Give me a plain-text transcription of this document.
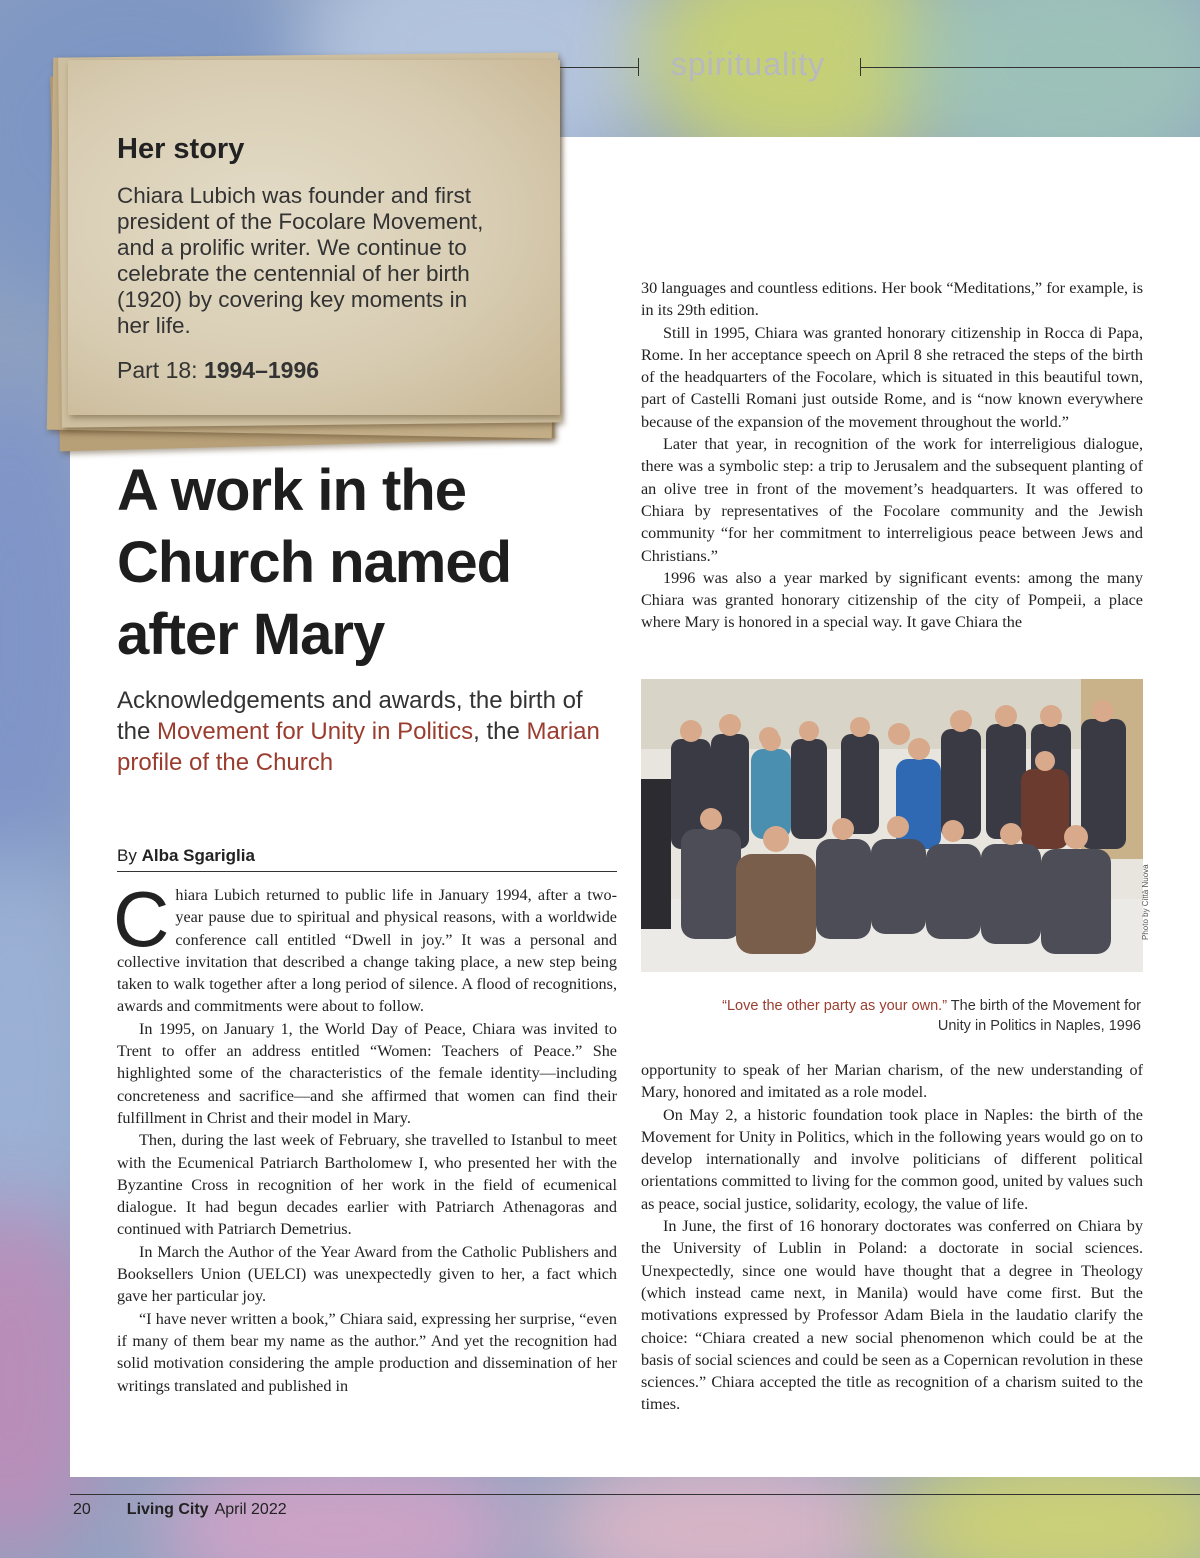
spirituality
Her story
Chiara Lubich was founder and first president of the Focolare Movement, and a prolific writer. We continue to celebrate the centennial of her birth (1920) by covering key moments in her life.
Part 18: 1994–1996
A work in the Church named after Mary
Acknowledgements and awards, the birth of the Movement for Unity in Politics, the Marian profile of the Church
By Alba Sgariglia

Chiara Lubich returned to public life in January 1994, after a two-year pause due to spiritual and physical reasons, with a worldwide conference call entitled “Dwell in joy.” It was a personal and collective invitation that described a change taking place, a new step being taken to walk together after a long period of silence. A flood of recognitions, awards and commitments were about to follow.

In 1995, on January 1, the World Day of Peace, Chiara was invited to Trent to offer an address entitled “Women: Teachers of Peace.” She highlighted some of the characteristics of the female identity—including concreteness and sacrifice—and she affirmed that women can find their fulfillment in Christ and their model in Mary.

Then, during the last week of February, she travelled to Istanbul to meet with the Ecumenical Patriarch Bartholomew I, who presented her with the Byzantine Cross in recognition of her work in the field of ecumenical dialogue. It had begun decades earlier with Patriarch Athenagoras and continued with Patriarch Demetrius.

In March the Author of the Year Award from the Catholic Publishers and Booksellers Union (UELCI) was unexpectedly given to her, a fact which gave her particular joy.

“I have never written a book,” Chiara said, expressing her surprise, “even if many of them bear my name as the author.” And yet the recognition had solid motivation considering the ample production and dissemination of her writings translated and published in

30 languages and countless editions. Her book “Meditations,” for example, is in its 29th edition.

Still in 1995, Chiara was granted honorary citizenship in Rocca di Papa, Rome. In her acceptance speech on April 8 she retraced the steps of the birth of the headquarters of the Focolare, which is situated in this beautiful town, part of Castelli Romani just outside Rome, and is “now known everywhere because of the expansion of the movement throughout the world.”

Later that year, in recognition of the work for interreligious dialogue, there was a symbolic step: a trip to Jerusalem and the subsequent planting of an olive tree in front of the movement’s headquarters. It was offered to Chiara by representatives of the Focolare community and the Jewish community “for her commitment to interreligious peace between Jews and Christians.”

1996 was also a year marked by significant events: among the many Chiara was granted honorary citizenship of the city of Pompeii, a place where Mary is honored in a special way. It gave Chiara the

Photo by Città Nuova
“Love the other party as your own.” The birth of the Movement for Unity in Politics in Naples, 1996

opportunity to speak of her Marian charism, of the new understanding of Mary, honored and imitated as a role model.

On May 2, a historic foundation took place in Naples: the birth of the Movement for Unity in Politics, which in the following years would go on to develop internationally and involve politicians of different political orientations committed to living for the common good, united by values such as peace, social justice, solidarity, ecology, the value of life.

In June, the first of 16 honorary doctorates was conferred on Chiara by the University of Lublin in Poland: a doctorate in social sciences. Unexpectedly, since one would have thought that a degree in Theology (which instead came next, in Manila) would have come first. But the motivations expressed by Professor Adam Biela in the laudatio clarify the choice: “Chiara created a new social phenomenon which could be at the basis of social sciences and could be seen as a Copernican revolution in these sciences.” Chiara accepted the title as recognition of a charism suited to the times.

20 Living City April 2022
